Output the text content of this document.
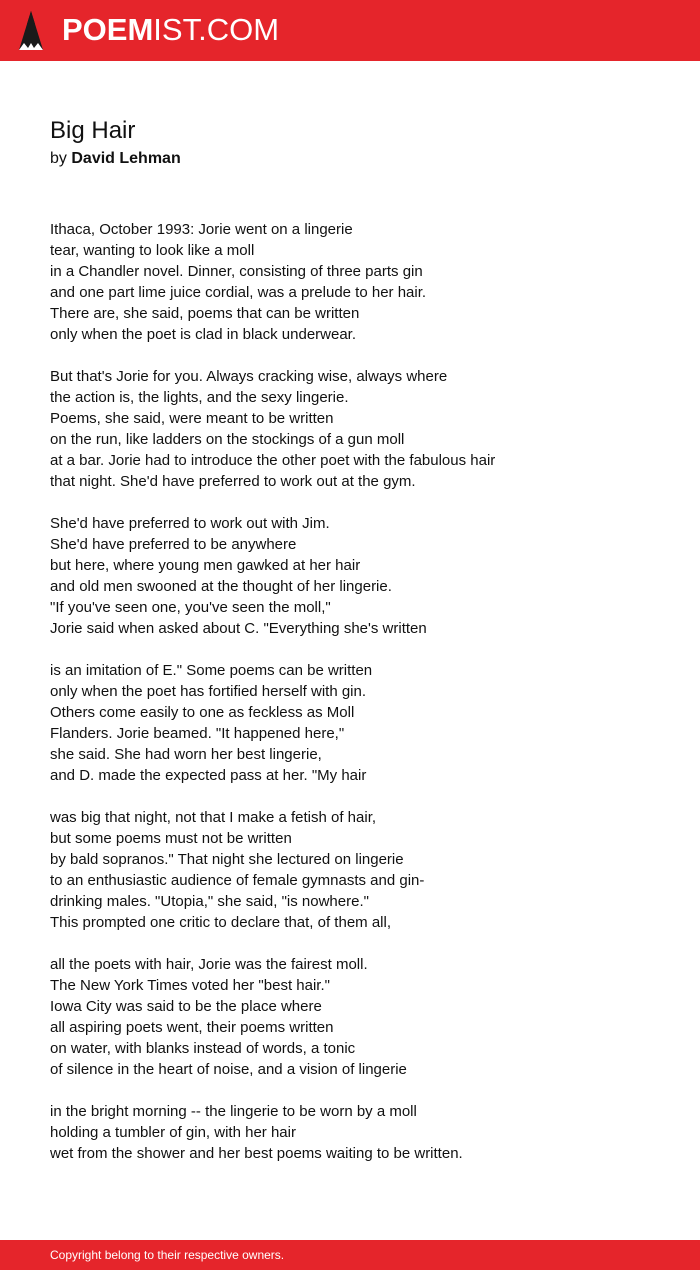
POEMIST.COM
Big Hair
by David Lehman
Ithaca, October 1993: Jorie went on a lingerie
tear, wanting to look like a moll
in a Chandler novel. Dinner, consisting of three parts gin
and one part lime juice cordial, was a prelude to her hair.
There are, she said, poems that can be written
only when the poet is clad in black underwear.
But that's Jorie for you. Always cracking wise, always where
the action is, the lights, and the sexy lingerie.
Poems, she said, were meant to be written
on the run, like ladders on the stockings of a gun moll
at a bar. Jorie had to introduce the other poet with the fabulous hair
that night. She'd have preferred to work out at the gym.
She'd have preferred to work out with Jim.
She'd have preferred to be anywhere
but here, where young men gawked at her hair
and old men swooned at the thought of her lingerie.
"If you've seen one, you've seen the moll,"
Jorie said when asked about C. "Everything she's written
is an imitation of E." Some poems can be written
only when the poet has fortified herself with gin.
Others come easily to one as feckless as Moll
Flanders. Jorie beamed. "It happened here,"
she said. She had worn her best lingerie,
and D. made the expected pass at her. "My hair
was big that night, not that I make a fetish of hair,
but some poems must not be written
by bald sopranos." That night she lectured on lingerie
to an enthusiastic audience of female gymnasts and gin-
drinking males. "Utopia," she said, "is nowhere."
This prompted one critic to declare that, of them all,
all the poets with hair, Jorie was the fairest moll.
The New York Times voted her "best hair."
Iowa City was said to be the place where
all aspiring poets went, their poems written
on water, with blanks instead of words, a tonic
of silence in the heart of noise, and a vision of lingerie
in the bright morning -- the lingerie to be worn by a moll
holding a tumbler of gin, with her hair
wet from the shower and her best poems waiting to be written.
Copyright belong to their respective owners.
